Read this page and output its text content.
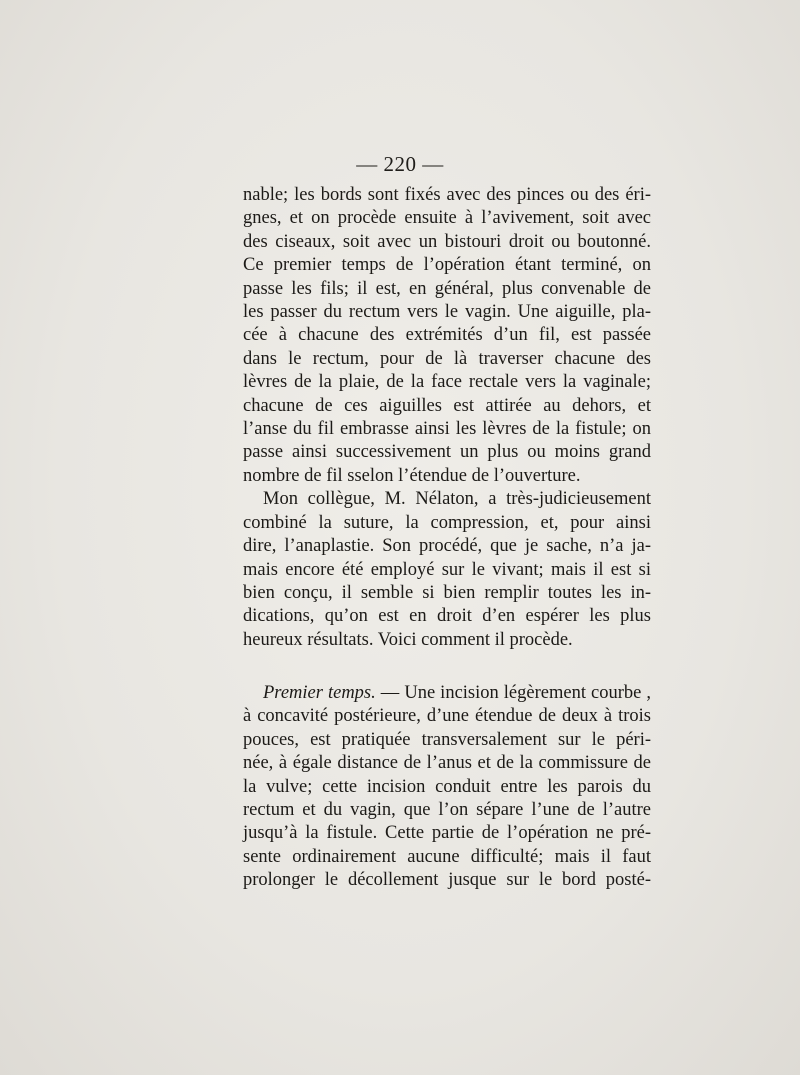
— 220 —
nable; les bords sont fixés avec des pinces ou des éri-
gnes, et on procède ensuite à l’avivement, soit avec
des ciseaux, soit avec un bistouri droit ou boutonné.
Ce premier temps de l’opération étant terminé, on
passe les fils; il est, en général, plus convenable de
les passer du rectum vers le vagin. Une aiguille, pla-
cée à chacune des extrémités d’un fil, est passée
dans le rectum, pour de là traverser chacune des
lèvres de la plaie, de la face rectale vers la vaginale;
chacune de ces aiguilles est attirée au dehors, et
l’anse du fil embrasse ainsi les lèvres de la fistule; on
passe ainsi successivement un plus ou moins grand
nombre de fil sselon l’étendue de l’ouverture.
Mon collègue, M. Nélaton, a très-judicieusement
combiné la suture, la compression, et, pour ainsi
dire, l’anaplastie. Son procédé, que je sache, n’a ja-
mais encore été employé sur le vivant; mais il est si
bien conçu, il semble si bien remplir toutes les in-
dications, qu’on est en droit d’en espérer les plus
heureux résultats. Voici comment il procède.
Premier temps. — Une incision légèrement courbe ,
à concavité postérieure, d’une étendue de deux à trois
pouces, est pratiquée transversalement sur le péri-
née, à égale distance de l’anus et de la commissure de
la vulve; cette incision conduit entre les parois du
rectum et du vagin, que l’on sépare l’une de l’autre
jusqu’à la fistule. Cette partie de l’opération ne pré-
sente ordinairement aucune difficulté; mais il faut
prolonger le décollement jusque sur le bord posté-
